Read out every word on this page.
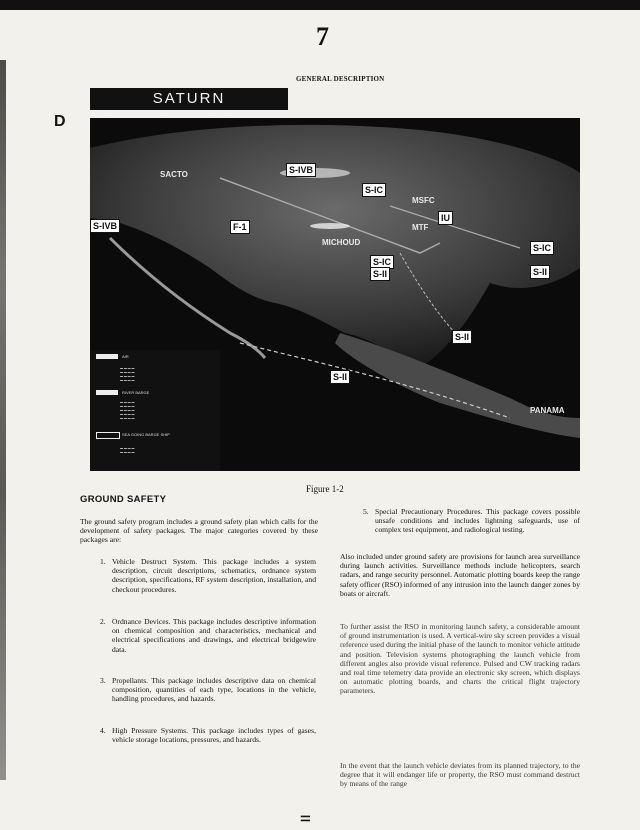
7
GENERAL DESCRIPTION
D
SATURN
SACTO
MSFC
MTF
MICHOUD
PANAMA
S-IVB
S-IVB
S-IC
IU
F-1
S-IC
S-II
S-IC
S-II
S-II
S-II
AIR
▬ ▬ ▬ ▬
▬ ▬ ▬ ▬
▬ ▬ ▬ ▬
▬ ▬ ▬ ▬
RIVER BARGE
▬ ▬ ▬ ▬
▬ ▬ ▬ ▬
▬ ▬ ▬ ▬
▬ ▬ ▬ ▬
▬ ▬ ▬ ▬
SEA GOING BARGE SHIP
▬ ▬ ▬ ▬
▬ ▬ ▬ ▬
Figure 1-2
GROUND SAFETY

The ground safety program includes a ground safety plan which calls for the development of safety packages. The major categories covered by these packages are:

1. Vehicle Destruct System. This package includes a system description, circuit descriptions, schematics, ordnance system description, specifications, RF system description, installation, and checkout procedures.

2. Ordnance Devices. This package includes descriptive information on chemical composition and characteristics, mechanical and electrical specifications and drawings, and electrical bridgewire data.

3. Propellants. This package includes descriptive data on chemical composition, quantities of each type, locations in the vehicle, handling procedures, and hazards.

4. High Pressure Systems. This package includes types of gases, vehicle storage locations, pressures, and hazards.

5. Special Precautionary Procedures. This package covers possible unsafe conditions and includes lightning safeguards, use of complex test equipment, and radiological testing.

Also included under ground safety are provisions for launch area surveillance during launch activities. Surveillance methods include helicopters, search radars, and range security personnel. Automatic plotting boards keep the range safety officer (RSO) informed of any intrusion into the launch danger zones by boats or aircraft.

To further assist the RSO in monitoring launch safety, a considerable amount of ground instrumentation is used. A vertical-wire sky screen provides a visual reference used during the initial phase of the launch to monitor vehicle attitude and position. Television systems photographing the launch vehicle from different angles also provide visual reference. Pulsed and CW tracking radars and real time telemetry data provide an electronic sky screen, which displays on automatic plotting boards, and charts the critical flight trajectory parameters.

In the event that the launch vehicle deviates from its planned trajectory, to the degree that it will endanger life or property, the RSO must command destruct by means of the range

⚌
